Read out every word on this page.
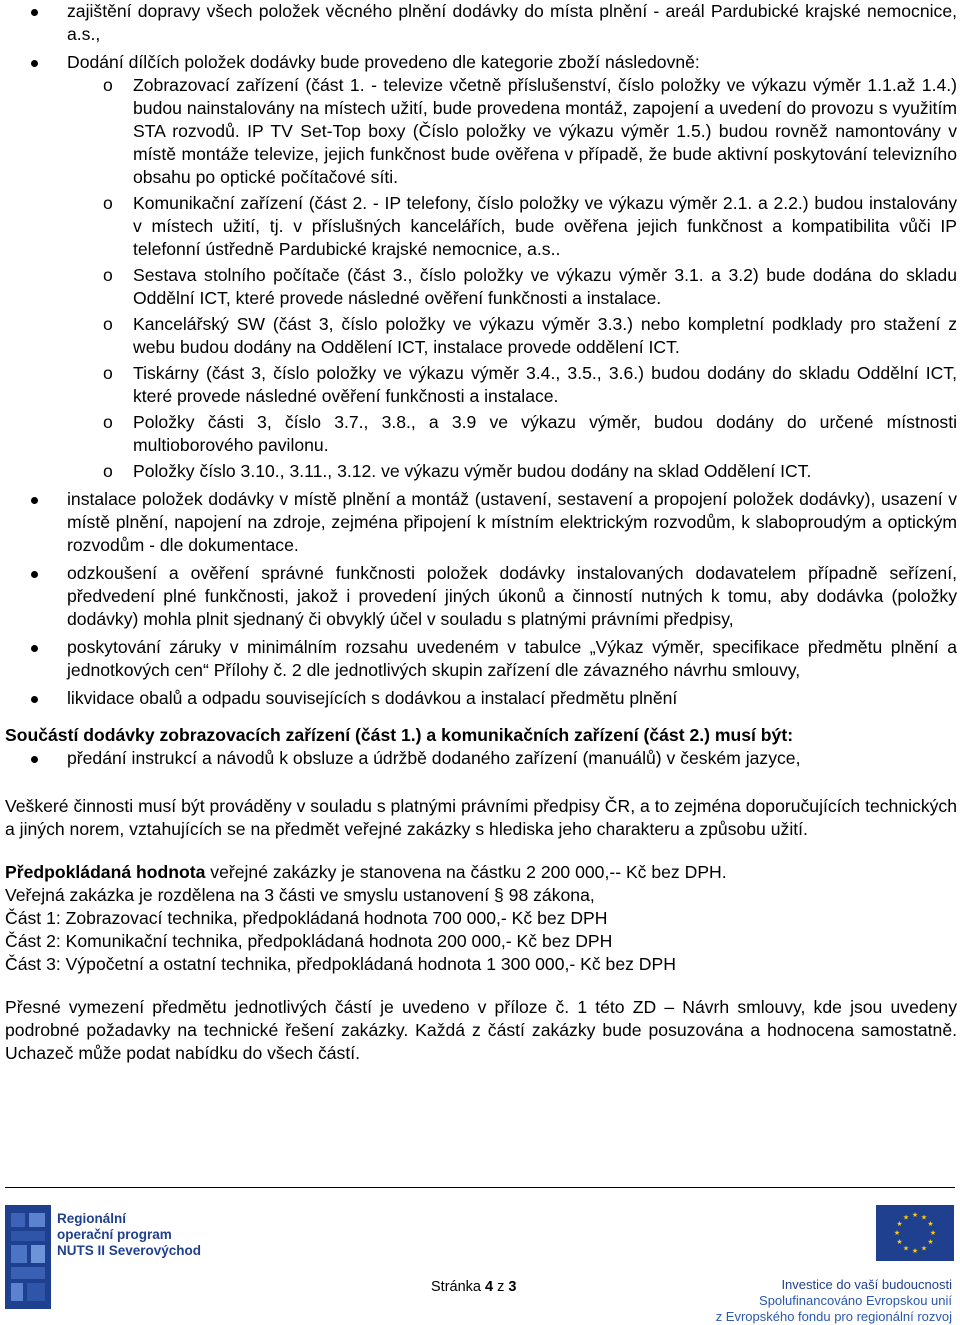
zajištění dopravy všech položek věcného plnění dodávky do místa plnění - areál Pardubické krajské nemocnice, a.s.,
Dodání dílčích položek dodávky bude provedeno dle kategorie zboží následovně:
o Zobrazovací zařízení (část 1. - televize včetně příslušenství, číslo položky ve výkazu výměr 1.1.až 1.4.) budou nainstalovány na místech užití, bude provedena montáž, zapojení a uvedení do provozu s využitím STA rozvodů. IP TV Set-Top boxy (Číslo položky ve výkazu výměr 1.5.) budou rovněž namontovány v místě montáže televize, jejich funkčnost bude ověřena v případě, že bude aktivní poskytování televizního obsahu po optické počítačové síti.
o Komunikační zařízení (část 2. - IP telefony, číslo položky ve výkazu výměr 2.1. a 2.2.) budou instalovány v místech užití, tj. v příslušných kancelářích, bude ověřena jejich funkčnost a kompatibilita vůči IP telefonní ústředně Pardubické krajské nemocnice, a.s..
o Sestava stolního počítače (část 3., číslo položky ve výkazu výměr 3.1. a 3.2) bude dodána do skladu Oddělní ICT, které provede následné ověření funkčnosti a instalace.
o Kancelářský SW (část 3, číslo položky ve výkazu výměr 3.3.) nebo kompletní podklady pro stažení z webu budou dodány na Oddělení ICT, instalace provede oddělení ICT.
o Tiskárny (část 3, číslo položky ve výkazu výměr 3.4., 3.5., 3.6.) budou dodány do skladu Oddělní ICT, které provede následné ověření funkčnosti a instalace.
o Položky části 3, číslo 3.7., 3.8., a 3.9 ve výkazu výměr, budou dodány do určené místnosti multioborového pavilonu.
o Položky číslo 3.10., 3.11., 3.12. ve výkazu výměr budou dodány na sklad Oddělení ICT.
instalace položek dodávky v místě plnění a montáž (ustavení, sestavení a propojení položek dodávky), usazení v místě plnění, napojení na zdroje, zejména připojení k místním elektrickým rozvodům, k slaboproudým a optickým rozvodům - dle dokumentace.
odzkoušení a ověření správné funkčnosti položek dodávky instalovaných dodavatelem případně seřízení, předvedení plné funkčnosti, jakož i provedení jiných úkonů a činností nutných k tomu, aby dodávka (položky dodávky) mohla plnit sjednaný či obvyklý účel v souladu s platnými právními předpisy,
poskytování záruky v minimálním rozsahu uvedeném v tabulce „Výkaz výměr, specifikace předmětu plnění a jednotkových cen“ Přílohy č. 2 dle jednotlivých skupin zařízení dle závazného návrhu smlouvy,
likvidace obalů a odpadu souvisejících s dodávkou a instalací předmětu plnění

Součástí dodávky zobrazovacích zařízení (část 1.) a komunikačních zařízení (část 2.) musí být:

předání instrukcí a návodů k obsluze a údržbě dodaného zařízení (manuálů) v českém jazyce,

Veškeré činnosti musí být prováděny v souladu s platnými právními předpisy ČR, a to zejména doporučujících technických a jiných norem, vztahujících se na předmět veřejné zakázky s hlediska jeho charakteru a způsobu užití.

Předpokládaná hodnota veřejné zakázky je stanovena na částku 2 200 000,-- Kč bez DPH.

Veřejná zakázka je rozdělena na 3 části ve smyslu ustanovení § 98 zákona,

Část 1: Zobrazovací technika, předpokládaná hodnota 700 000,- Kč bez DPH

Část 2: Komunikační technika, předpokládaná hodnota 200 000,- Kč bez DPH

Část 3: Výpočetní a ostatní technika, předpokládaná hodnota 1 300 000,- Kč bez DPH

Přesné vymezení předmětu jednotlivých částí je uvedeno v příloze č. 1 této ZD – Návrh smlouvy, kde jsou uvedeny podrobné požadavky na technické řešení zakázky. Každá z částí zakázky bude posuzována a hodnocena samostatně. Uchazeč může podat nabídku do všech částí.

Regionální
operační program
NUTS II Severovýchod
Stránka 4 z 3
★ ★
★
★
★
★
★
★
★
★
★
★
Investice do vaší budoucnosti
Spolufinancováno Evropskou unií
z Evropského fondu pro regionální rozvoj
